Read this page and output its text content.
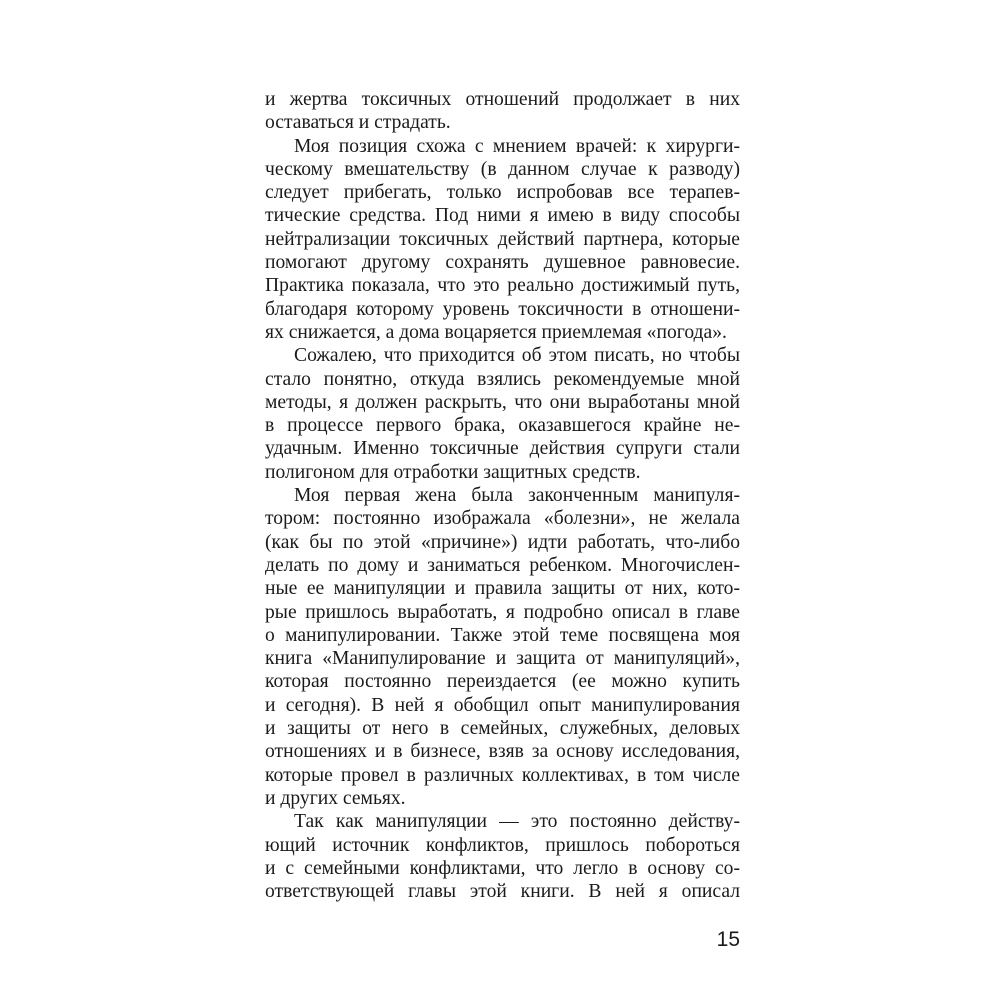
и жертва токсичных отношений продолжает в них
оставаться и страдать.
Моя позиция схожа с мнением врачей: к хирурги-
ческому вмешательству (в данном случае к разводу)
следует прибегать, только испробовав все терапев-
тические средства. Под ними я имею в виду способы
нейтрализации токсичных действий партнера, которые
помогают другому сохранять душевное равновесие.
Практика показала, что это реально достижимый путь,
благодаря которому уровень токсичности в отношени-
ях снижается, а дома воцаряется приемлемая «погода».
Сожалею, что приходится об этом писать, но чтобы
стало понятно, откуда взялись рекомендуемые мной
методы, я должен раскрыть, что они выработаны мной
в процессе первого брака, оказавшегося крайне не-
удачным. Именно токсичные действия супруги стали
полигоном для отработки защитных средств.
Моя первая жена была законченным манипуля-
тором: постоянно изображала «болезни», не желала
(как бы по этой «причине») идти работать, что-либо
делать по дому и заниматься ребенком. Многочислен-
ные ее манипуляции и правила защиты от них, кото-
рые пришлось выработать, я подробно описал в главе
о манипулировании. Также этой теме посвящена моя
книга «Манипулирование и защита от манипуляций»,
которая постоянно переиздается (ее можно купить
и сегодня). В ней я обобщил опыт манипулирования
и защиты от него в семейных, служебных, деловых
отношениях и в бизнесе, взяв за основу исследования,
которые провел в различных коллективах, в том числе
и других семьях.
Так как манипуляции — это постоянно действу-
ющий источник конфликтов, пришлось побороться
и с семейными конфликтами, что легло в основу со-
ответствующей главы этой книги. В ней я описал
15
